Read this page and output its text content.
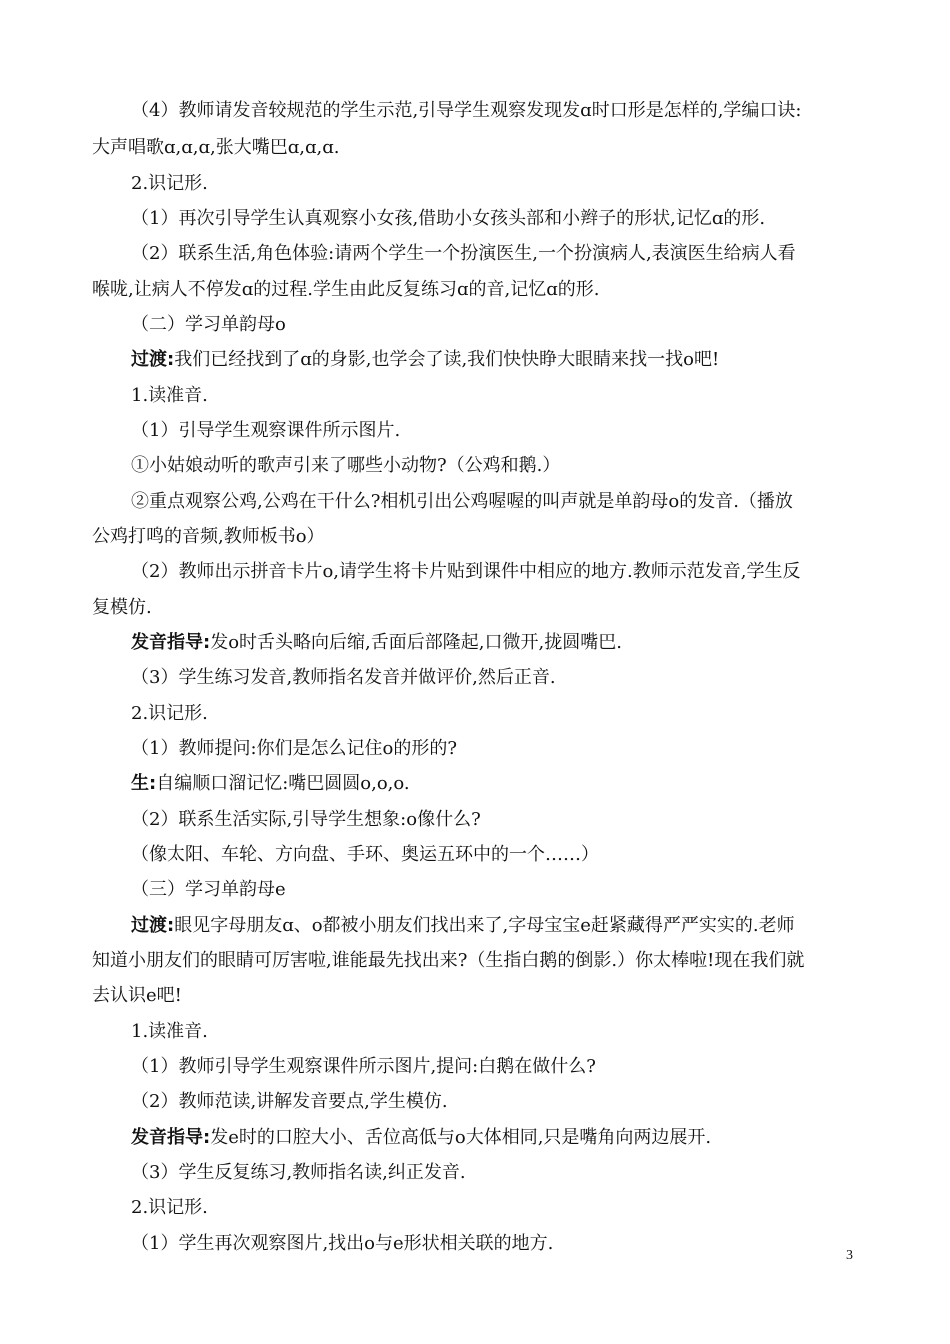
（4）教师请发音较规范的学生示范,引导学生观察发现发ɑ时口形是怎样的,学编口诀:
大声唱歌ɑ,ɑ,ɑ,张大嘴巴ɑ,ɑ,ɑ.
2.识记形.
（1）再次引导学生认真观察小女孩,借助小女孩头部和小辫子的形状,记忆ɑ的形.
（2）联系生活,角色体验:请两个学生一个扮演医生,一个扮演病人,表演医生给病人看
喉咙,让病人不停发ɑ的过程.学生由此反复练习ɑ的音,记忆ɑ的形.
（二）学习单韵母o
过渡:我们已经找到了ɑ的身影,也学会了读,我们快快睁大眼睛来找一找o吧!
1.读准音.
（1）引导学生观察课件所示图片.
①小姑娘动听的歌声引来了哪些小动物?（公鸡和鹅.）
②重点观察公鸡,公鸡在干什么?相机引出公鸡喔喔的叫声就是单韵母o的发音.（播放
公鸡打鸣的音频,教师板书o）
（2）教师出示拼音卡片o,请学生将卡片贴到课件中相应的地方.教师示范发音,学生反
复模仿.
发音指导:发o时舌头略向后缩,舌面后部隆起,口微开,拢圆嘴巴.
（3）学生练习发音,教师指名发音并做评价,然后正音.
2.识记形.
（1）教师提问:你们是怎么记住o的形的?
生:自编顺口溜记忆:嘴巴圆圆o,o,o.
（2）联系生活实际,引导学生想象:o像什么?
（像太阳、车轮、方向盘、手环、奥运五环中的一个……）
（三）学习单韵母e
过渡:眼见字母朋友ɑ、o都被小朋友们找出来了,字母宝宝e赶紧藏得严严实实的.老师
知道小朋友们的眼睛可厉害啦,谁能最先找出来?（生指白鹅的倒影.）你太棒啦!现在我们就
去认识e吧!
1.读准音.
（1）教师引导学生观察课件所示图片,提问:白鹅在做什么?
（2）教师范读,讲解发音要点,学生模仿.
发音指导:发e时的口腔大小、舌位高低与o大体相同,只是嘴角向两边展开.
（3）学生反复练习,教师指名读,纠正发音.
2.识记形.
（1）学生再次观察图片,找出o与e形状相关联的地方.
3
